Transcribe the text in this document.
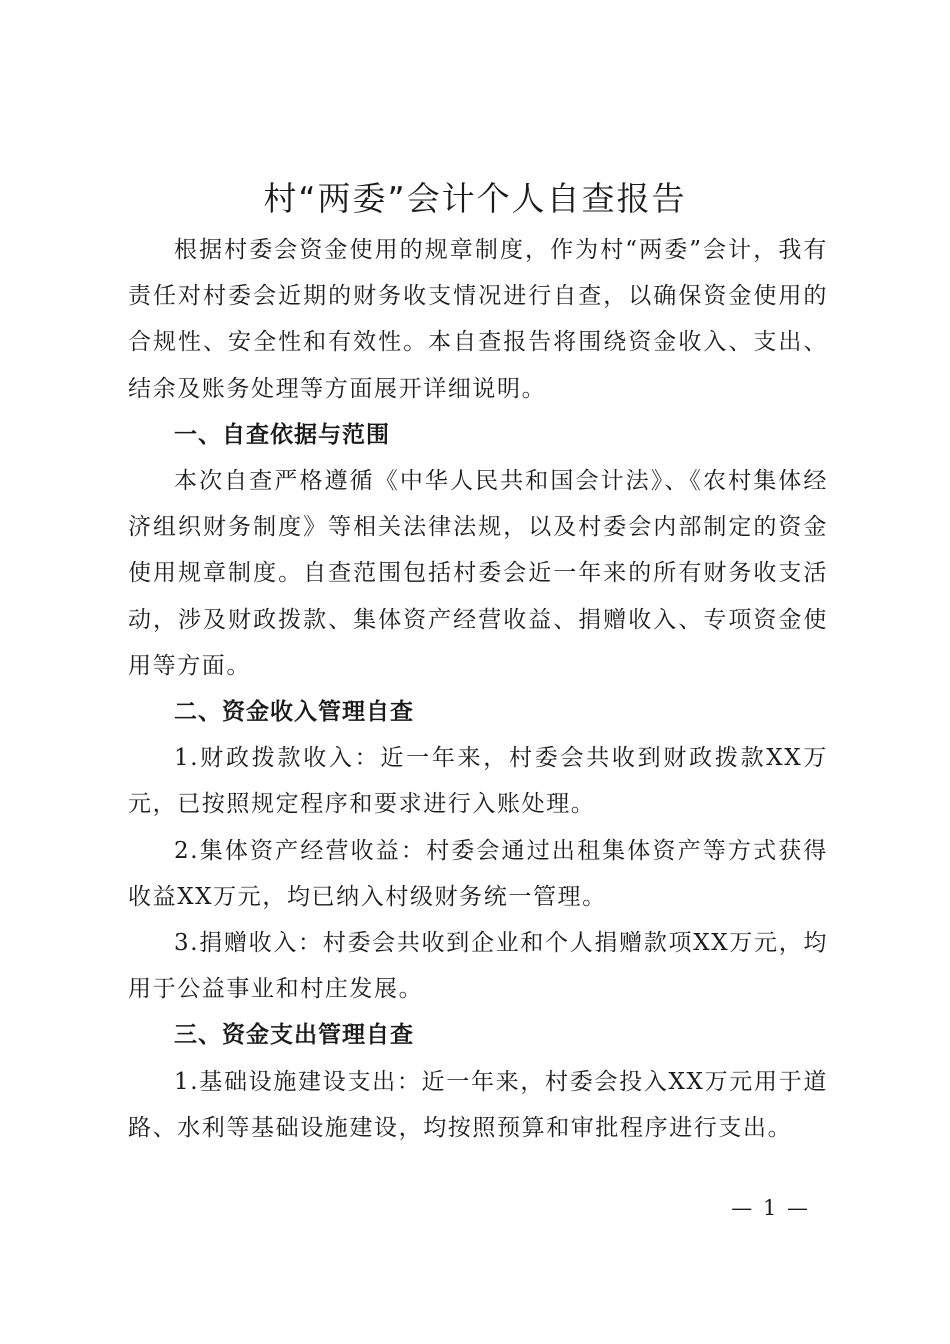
村“两委”会计个人自查报告

根据村委会资金使用的规章制度，作为村“两委”会计，我有责任对村委会近期的财务收支情况进行自查，以确保资金使用的合规性、安全性和有效性。本自查报告将围绕资金收入、支出、结余及账务处理等方面展开详细说明。

一、自查依据与范围

本次自查严格遵循《中华人民共和国会计法》、《农村集体经济组织财务制度》等相关法律法规，以及村委会内部制定的资金使用规章制度。自查范围包括村委会近一年来的所有财务收支活动，涉及财政拨款、集体资产经营收益、捐赠收入、专项资金使用等方面。

二、资金收入管理自查

1.财政拨款收入：近一年来，村委会共收到财政拨款XX万元，已按照规定程序和要求进行入账处理。

2.集体资产经营收益：村委会通过出租集体资产等方式获得收益XX万元，均已纳入村级财务统一管理。

3.捐赠收入：村委会共收到企业和个人捐赠款项XX万元，均用于公益事业和村庄发展。

三、资金支出管理自查

1.基础设施建设支出：近一年来，村委会投入XX万元用于道路、水利等基础设施建设，均按照预算和审批程序进行支出。

— 1 —
